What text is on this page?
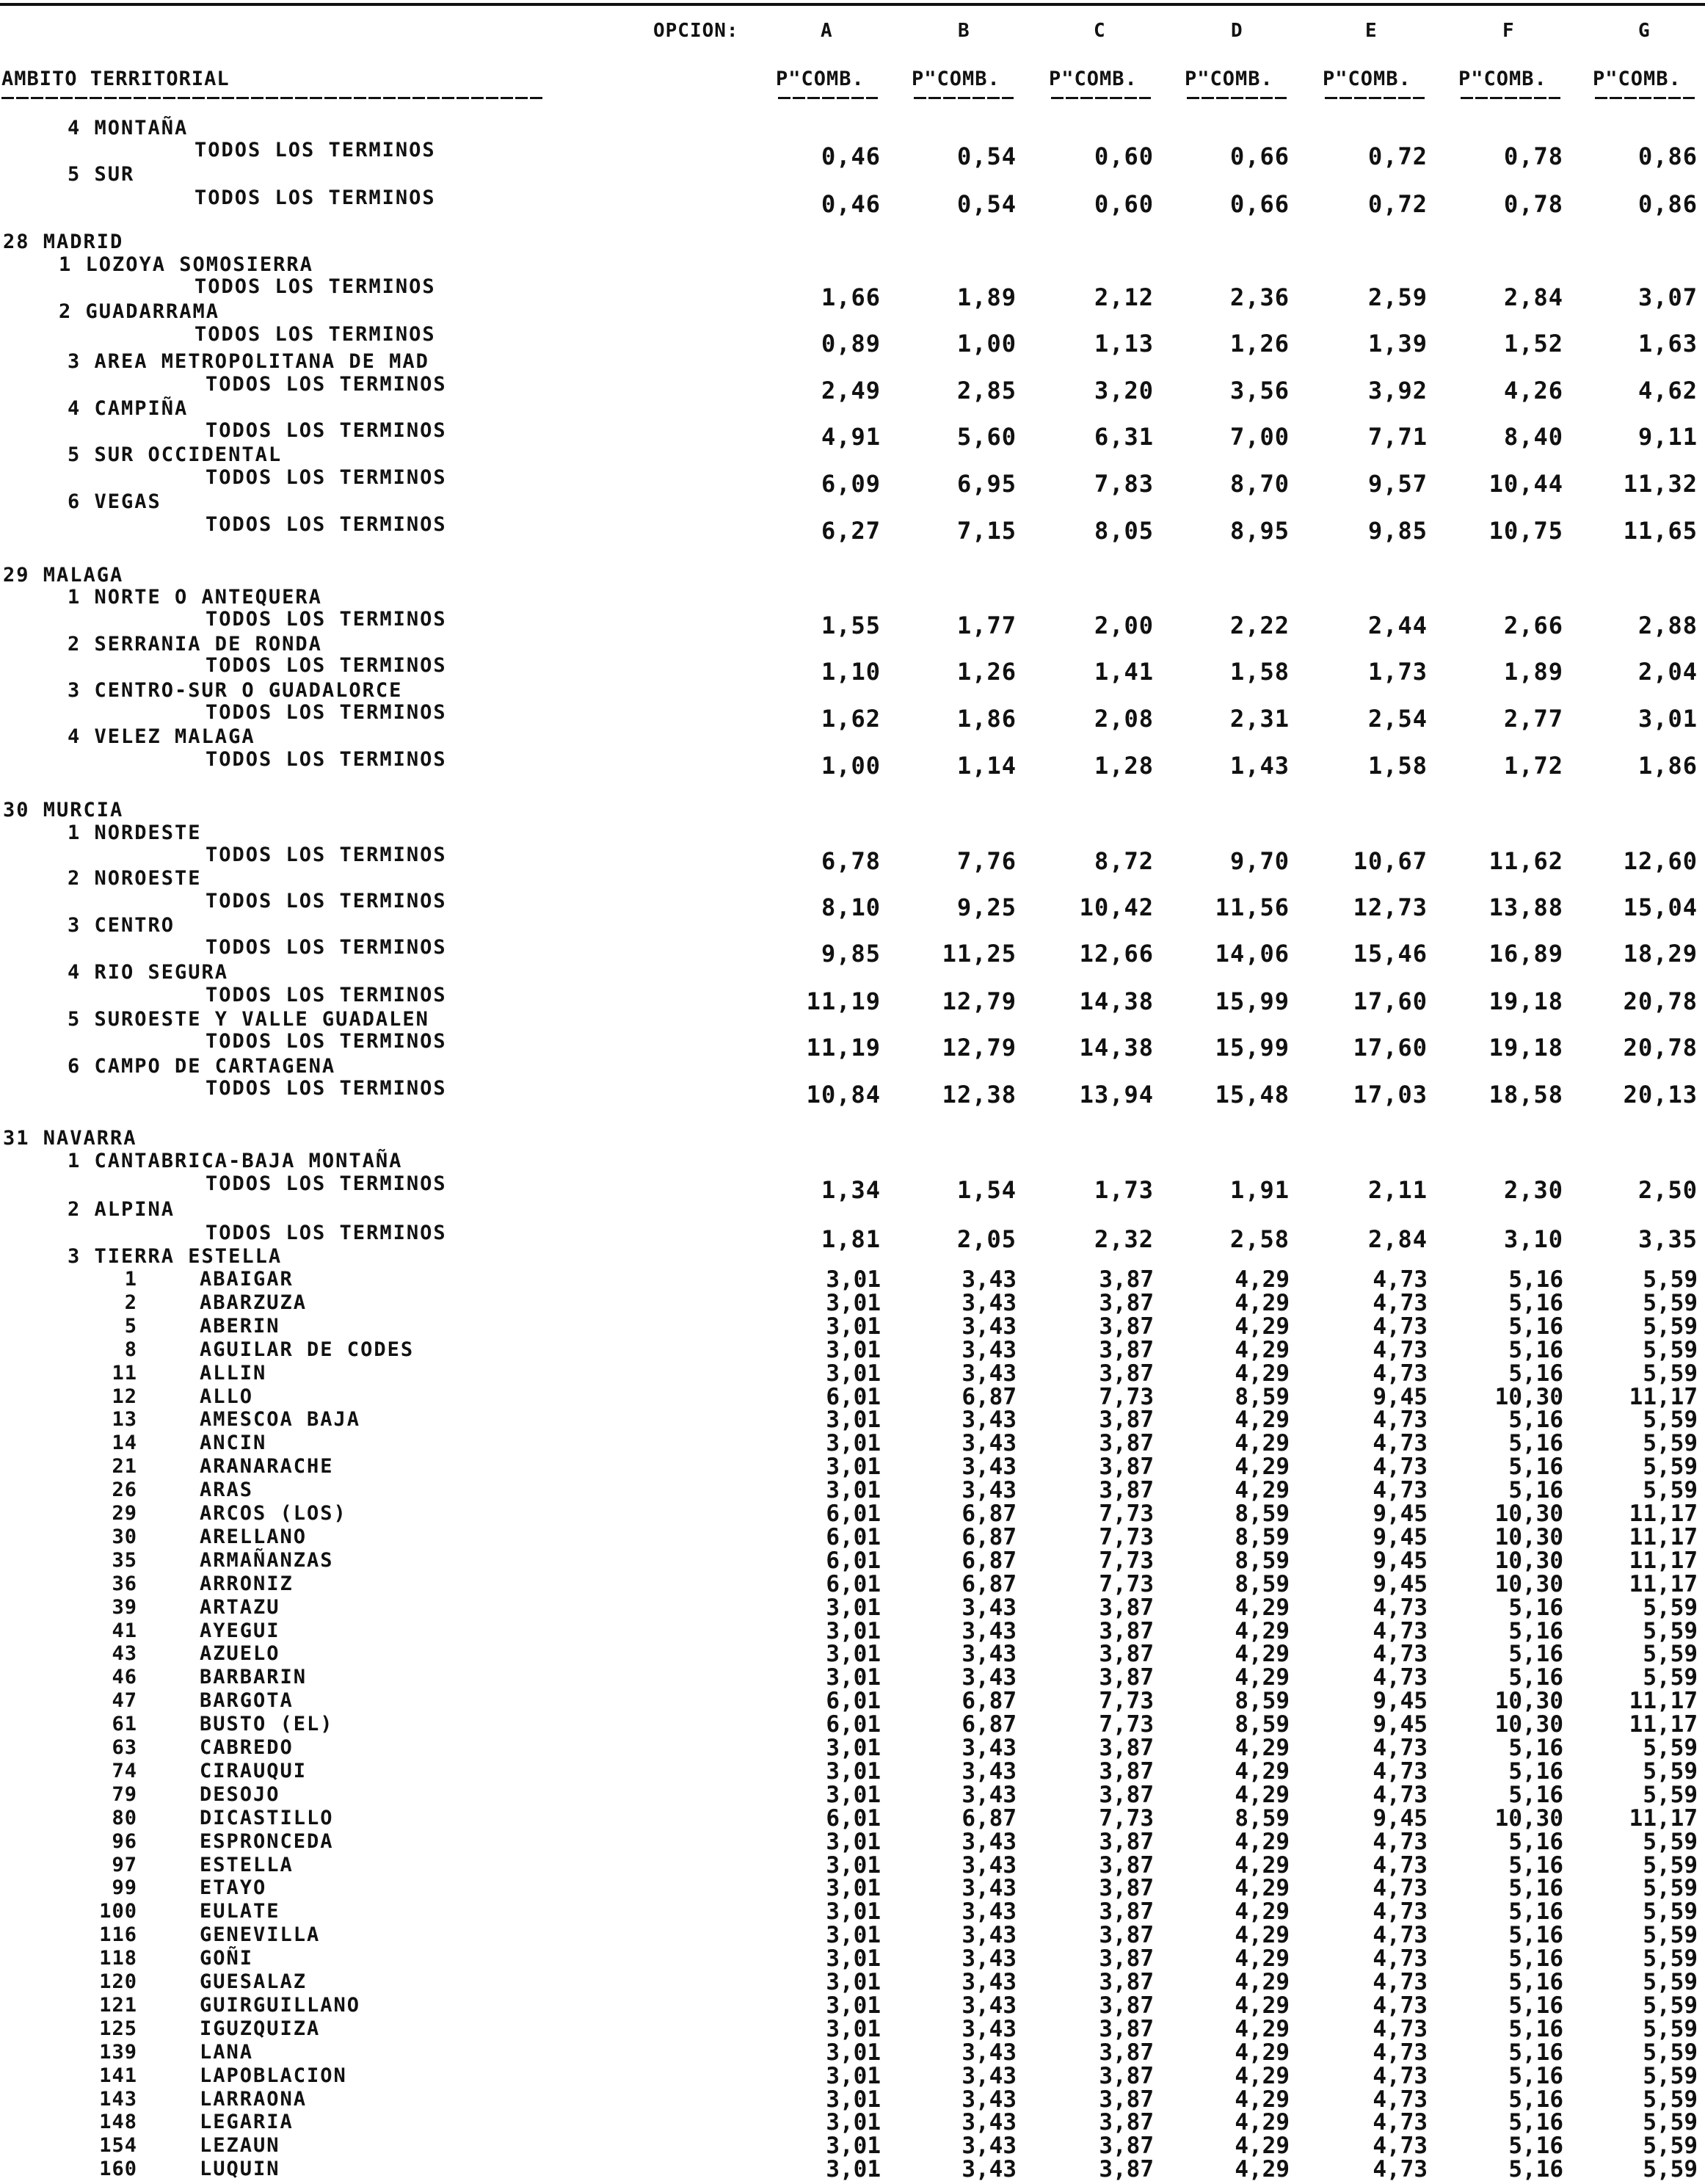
OPCION:	A	B	C	D	E	F	G
AMBITO TERRITORIAL	P"COMB. P"COMB. P"COMB. P"COMB. P"COMB. P"COMB. P"COMB.
4 MONTAÑA
TODOS LOS TERMINOS	0,46	0,54	0,60	0,66	0,72	0,78	0,86
5 SUR
TODOS LOS TERMINOS	0,46	0,54	0,60	0,66	0,72	0,78	0,86
28 MADRID
1 LOZOYA SOMOSIERRA
TODOS LOS TERMINOS	1,66	1,89	2,12	2,36	2,59	2,84	3,07
2 GUADARRAMA
TODOS LOS TERMINOS	0,89	1,00	1,13	1,26	1,39	1,52	1,63
3 AREA METROPOLITANA DE MAD
TODOS LOS TERMINOS	2,49	2,85	3,20	3,56	3,92	4,26	4,62
4 CAMPIÑA
TODOS LOS TERMINOS	4,91	5,60	6,31	7,00	7,71	8,40	9,11
5 SUR OCCIDENTAL
TODOS LOS TERMINOS	6,09	6,95	7,83	8,70	9,57	10,44	11,32
6 VEGAS
TODOS LOS TERMINOS	6,27	7,15	8,05	8,95	9,85	10,75	11,65
29 MALAGA
1 NORTE O ANTEQUERA
TODOS LOS TERMINOS	1,55	1,77	2,00	2,22	2,44	2,66	2,88
2 SERRANIA DE RONDA
TODOS LOS TERMINOS	1,10	1,26	1,41	1,58	1,73	1,89	2,04
3 CENTRO-SUR O GUADALORCE
TODOS LOS TERMINOS	1,62	1,86	2,08	2,31	2,54	2,77	3,01
4 VELEZ MALAGA
TODOS LOS TERMINOS	1,00	1,14	1,28	1,43	1,58	1,72	1,86
30 MURCIA
1 NORDESTE
TODOS LOS TERMINOS	6,78	7,76	8,72	9,70	10,67	11,62	12,60
2 NOROESTE
TODOS LOS TERMINOS	8,10	9,25	10,42	11,56	12,73	13,88	15,04
3 CENTRO
TODOS LOS TERMINOS	9,85	11,25	12,66	14,06	15,46	16,89	18,29
4 RIO SEGURA
TODOS LOS TERMINOS	11,19	12,79	14,38	15,99	17,60	19,18	20,78
5 SUROESTE Y VALLE GUADALEN
TODOS LOS TERMINOS	11,19	12,79	14,38	15,99	17,60	19,18	20,78
6 CAMPO DE CARTAGENA
TODOS LOS TERMINOS	10,84	12,38	13,94	15,48	17,03	18,58	20,13
31 NAVARRA
1 CANTABRICA-BAJA MONTAÑA
TODOS LOS TERMINOS	1,34	1,54	1,73	1,91	2,11	2,30	2,50
2 ALPINA
TODOS LOS TERMINOS	1,81	2,05	2,32	2,58	2,84	3,10	3,35
3 TIERRA ESTELLA
1	ABAIGAR	3,01	3,43	3,87	4,29	4,73	5,16	5,59
2	ABARZUZA	3,01	3,43	3,87	4,29	4,73	5,16	5,59
5	ABERIN	3,01	3,43	3,87	4,29	4,73	5,16	5,59
8	AGUILAR DE CODES	3,01	3,43	3,87	4,29	4,73	5,16	5,59
11	ALLIN	3,01	3,43	3,87	4,29	4,73	5,16	5,59
12	ALLO	6,01	6,87	7,73	8,59	9,45	10,30	11,17
13	AMESCOA BAJA	3,01	3,43	3,87	4,29	4,73	5,16	5,59
14	ANCIN	3,01	3,43	3,87	4,29	4,73	5,16	5,59
21	ARANARACHE	3,01	3,43	3,87	4,29	4,73	5,16	5,59
26	ARAS	3,01	3,43	3,87	4,29	4,73	5,16	5,59
29	ARCOS (LOS)	6,01	6,87	7,73	8,59	9,45	10,30	11,17
30	ARELLANO	6,01	6,87	7,73	8,59	9,45	10,30	11,17
35	ARMAÑANZAS	6,01	6,87	7,73	8,59	9,45	10,30	11,17
36	ARRONIZ	6,01	6,87	7,73	8,59	9,45	10,30	11,17
39	ARTAZU	3,01	3,43	3,87	4,29	4,73	5,16	5,59
41	AYEGUI	3,01	3,43	3,87	4,29	4,73	5,16	5,59
43	AZUELO	3,01	3,43	3,87	4,29	4,73	5,16	5,59
46	BARBARIN	3,01	3,43	3,87	4,29	4,73	5,16	5,59
47	BARGOTA	6,01	6,87	7,73	8,59	9,45	10,30	11,17
61	BUSTO (EL)	6,01	6,87	7,73	8,59	9,45	10,30	11,17
63	CABREDO	3,01	3,43	3,87	4,29	4,73	5,16	5,59
74	CIRAUQUI	3,01	3,43	3,87	4,29	4,73	5,16	5,59
79	DESOJO	3,01	3,43	3,87	4,29	4,73	5,16	5,59
80	DICASTILLO	6,01	6,87	7,73	8,59	9,45	10,30	11,17
96	ESPRONCEDA	3,01	3,43	3,87	4,29	4,73	5,16	5,59
97	ESTELLA	3,01	3,43	3,87	4,29	4,73	5,16	5,59
99	ETAYO	3,01	3,43	3,87	4,29	4,73	5,16	5,59
100	EULATE	3,01	3,43	3,87	4,29	4,73	5,16	5,59
116	GENEVILLA	3,01	3,43	3,87	4,29	4,73	5,16	5,59
118	GOÑI	3,01	3,43	3,87	4,29	4,73	5,16	5,59
120	GUESALAZ	3,01	3,43	3,87	4,29	4,73	5,16	5,59
121	GUIRGUILLANO	3,01	3,43	3,87	4,29	4,73	5,16	5,59
125	IGUZQUIZA	3,01	3,43	3,87	4,29	4,73	5,16	5,59
139	LANA	3,01	3,43	3,87	4,29	4,73	5,16	5,59
141	LAPOBLACION	3,01	3,43	3,87	4,29	4,73	5,16	5,59
143	LARRAONA	3,01	3,43	3,87	4,29	4,73	5,16	5,59
148	LEGARIA	3,01	3,43	3,87	4,29	4,73	5,16	5,59
154	LEZAUN	3,01	3,43	3,87	4,29	4,73	5,16	5,59
160	LUQUIN	3,01	3,43	3,87	4,29	4,73	5,16	5,59
